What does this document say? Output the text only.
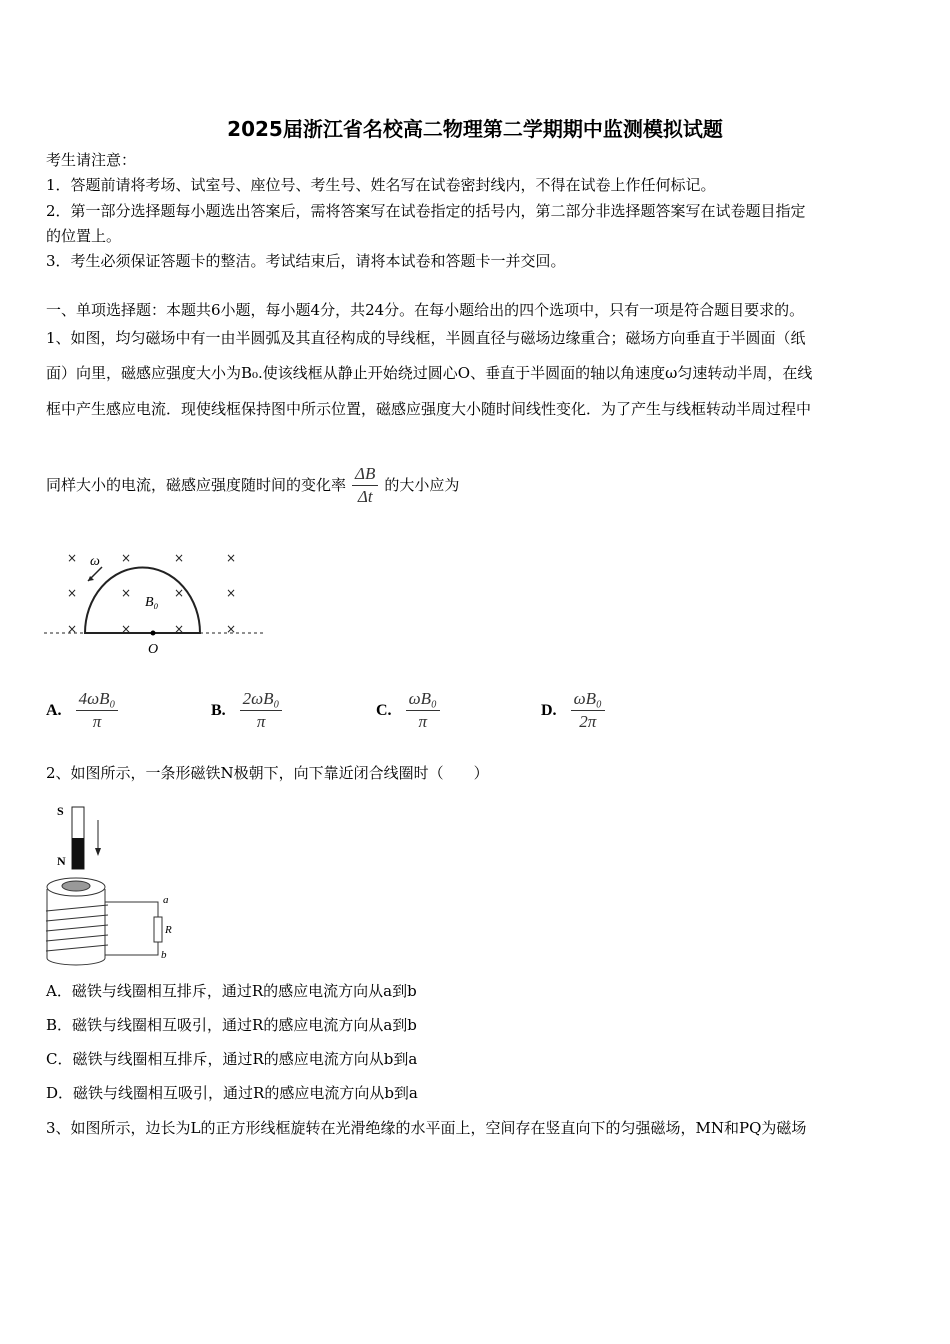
2025届浙江省名校高二物理第二学期期中监测模拟试题
考生请注意：
1．答题前请将考场、试室号、座位号、考生号、姓名写在试卷密封线内，不得在试卷上作任何标记。
2．第一部分选择题每小题选出答案后，需将答案写在试卷指定的括号内，第二部分非选择题答案写在试卷题目指定
的位置上。
3．考生必须保证答题卡的整洁。考试结束后，请将本试卷和答题卡一并交回。
一、单项选择题：本题共6小题，每小题4分，共24分。在每小题给出的四个选项中，只有一项是符合题目要求的。
1、如图，均匀磁场中有一由半圆弧及其直径构成的导线框，半圆直径与磁场边缘重合；磁场方向垂直于半圆面（纸
面）向里，磁感应强度大小为B₀.使该线框从静止开始绕过圆心O、垂直于半圆面的轴以角速度ω匀速转动半周，在线
框中产生感应电流．现使线框保持图中所示位置，磁感应强度大小随时间线性变化．为了产生与线框转动半周过程中
同样大小的电流，磁感应强度随时间的变化率 $\frac{\Delta B}{\Delta t}$ 的大小应为
×	×	×	×
×	×	×	×
×	×	×	×
ω
B₀
O
A. $\frac{\text{4ωB₀}}{\pi}$	B. $\frac{\text{2ωB₀}}{\pi}$	C. $\frac{\text{ωB₀}}{\pi}$	D. $\frac{\text{ωB₀}}{2\pi}$
2、如图所示，一条形磁铁N极朝下，向下靠近闭合线圈时（　　）
S
N
a
R
b
A．磁铁与线圈相互排斥，通过R的感应电流方向从a到b
B．磁铁与线圈相互吸引，通过R的感应电流方向从a到b
C．磁铁与线圈相互排斥，通过R的感应电流方向从b到a
D．磁铁与线圈相互吸引，通过R的感应电流方向从b到a
3、如图所示，边长为L的正方形线框旋转在光滑绝缘的水平面上，空间存在竖直向下的匀强磁场，MN和PQ为磁场
